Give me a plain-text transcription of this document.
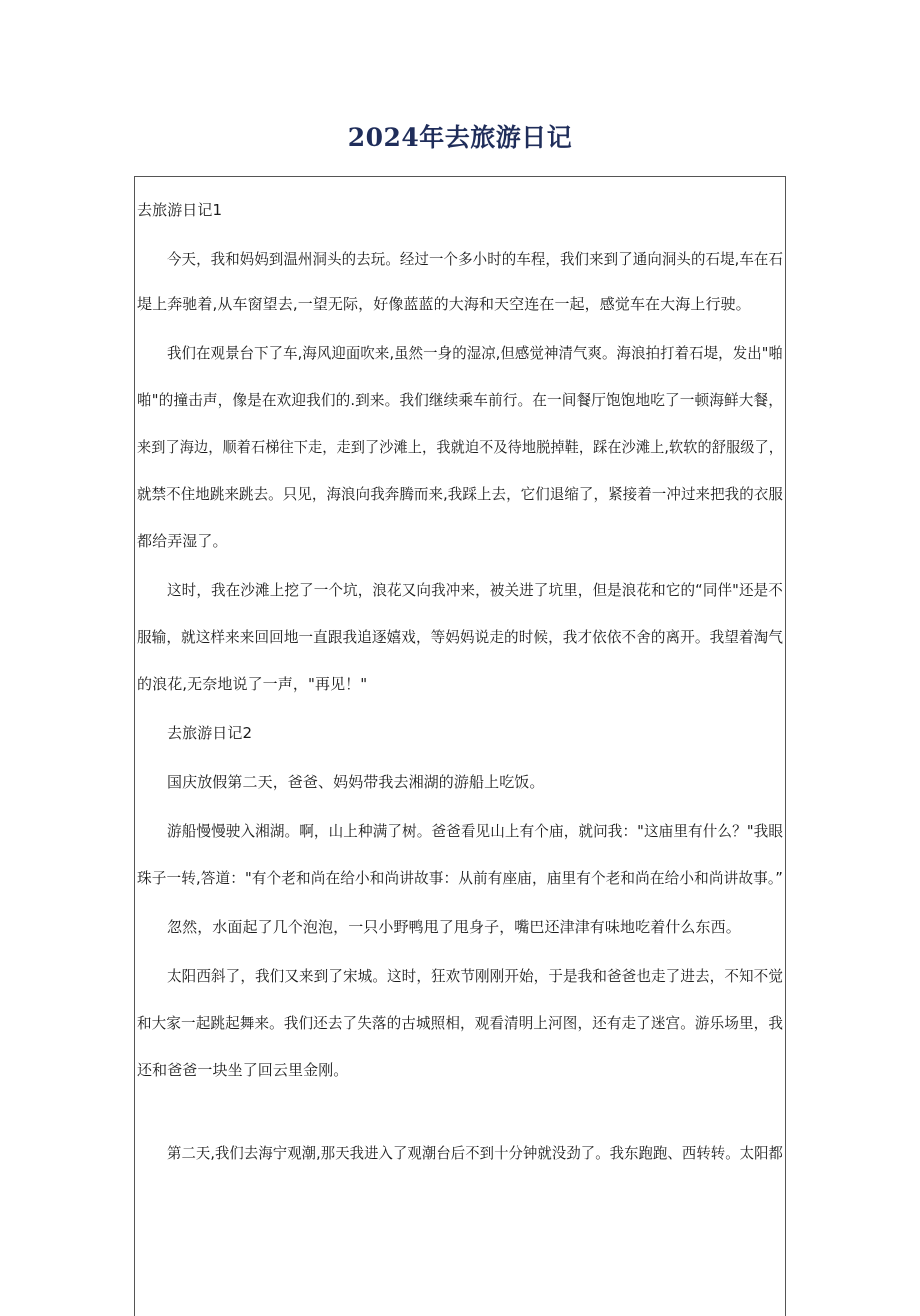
2024年去旅游日记
去旅游日记1
今天，我和妈妈到温州洞头的去玩。经过一个多小时的车程，我们来到了通向洞头的石堤,车在石
堤上奔驰着,从车窗望去,一望无际，好像蓝蓝的大海和天空连在一起，感觉车在大海上行驶。
我们在观景台下了车,海风迎面吹来,虽然一身的湿凉,但感觉神清气爽。海浪拍打着石堤，发出"啪
啪"的撞击声，像是在欢迎我们的.到来。我们继续乘车前行。在一间餐厅饱饱地吃了一顿海鲜大餐，
来到了海边，顺着石梯往下走，走到了沙滩上，我就迫不及待地脱掉鞋，踩在沙滩上,软软的舒服级了，
就禁不住地跳来跳去。只见，海浪向我奔腾而来,我踩上去，它们退缩了，紧接着一冲过来把我的衣服
都给弄湿了。
这时，我在沙滩上挖了一个坑，浪花又向我冲来，被关进了坑里，但是浪花和它的“同伴"还是不
服输，就这样来来回回地一直跟我追逐嬉戏，等妈妈说走的时候，我才依依不舍的离开。我望着淘气
的浪花,无奈地说了一声，"再见！"
去旅游日记2
国庆放假第二天，爸爸、妈妈带我去湘湖的游船上吃饭。
游船慢慢驶入湘湖。啊，山上种满了树。爸爸看见山上有个庙，就问我："这庙里有什么？"我眼
珠子一转,答道："有个老和尚在给小和尚讲故事：从前有座庙，庙里有个老和尚在给小和尚讲故事。”
忽然，水面起了几个泡泡，一只小野鸭甩了甩身子，嘴巴还津津有味地吃着什么东西。
太阳西斜了，我们又来到了宋城。这时，狂欢节刚刚开始，于是我和爸爸也走了进去，不知不觉
和大家一起跳起舞来。我们还去了失落的古城照相，观看清明上河图，还有走了迷宫。游乐场里，我
还和爸爸一块坐了回云里金刚。
第二天,我们去海宁观潮,那天我进入了观潮台后不到十分钟就没劲了。我东跑跑、西转转。太阳都
